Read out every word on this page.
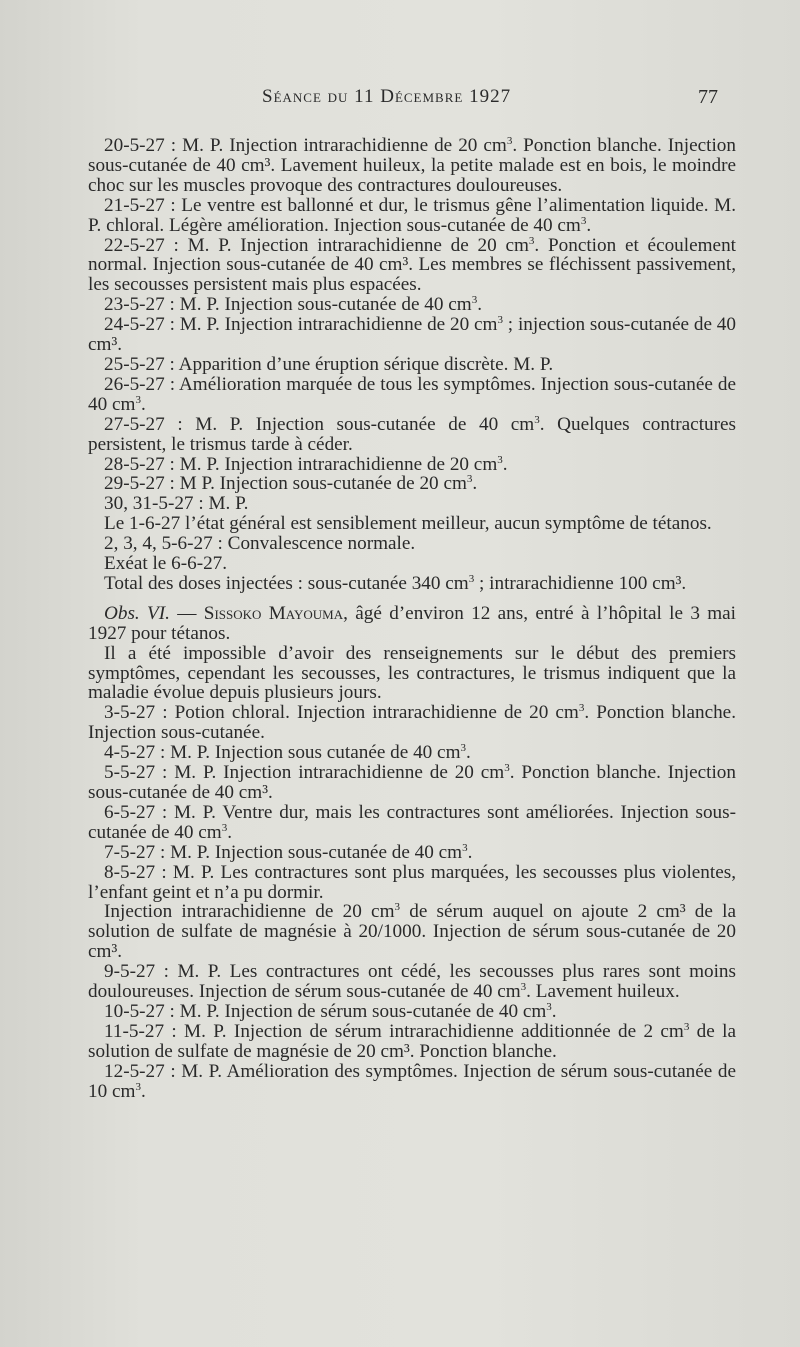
Séance du 11 Décembre 1927	77

20-5-27 : M. P. Injection intrarachidienne de 20 $cm^3$. Ponction blanche. Injection sous-cutanée de 40 cm³. Lavement huileux, la petite malade est en bois, le moindre choc sur les muscles provoque des contractures douloureuses.

21-5-27 : Le ventre est ballonné et dur, le trismus gêne l’alimentation liquide. M. P. chloral. Légère amélioration. Injection sous-cutanée de 40 $cm^3$.

22-5-27 : M. P. Injection intrarachidienne de 20 $cm^3$. Ponction et écoulement normal. Injection sous-cutanée de 40 cm³. Les membres se fléchissent passivement, les secousses persistent mais plus espacées.

23-5-27 : M. P. Injection sous-cutanée de 40 $cm^3$.

24-5-27 : M. P. Injection intrarachidienne de 20 $cm^3$ ; injection sous-cutanée de 40 cm³.

25-5-27 : Apparition d’une éruption sérique discrète. M. P.

26-5-27 : Amélioration marquée de tous les symptômes. Injection sous-cutanée de 40 $cm^3$.

27-5-27 : M. P. Injection sous-cutanée de 40 $cm^3$. Quelques contractures persistent, le trismus tarde à céder.

28-5-27 : M. P. Injection intrarachidienne de 20 $cm^3$.

29-5-27 : M P. Injection sous-cutanée de 20 $cm^3$.

30, 31-5-27 : M. P.

Le 1-6-27 l’état général est sensiblement meilleur, aucun symptôme de tétanos.

2, 3, 4, 5-6-27 : Convalescence normale.

Exéat le 6-6-27.

Total des doses injectées : sous-cutanée 340 $cm^3$ ; intrarachidienne 100 cm³.

Obs. VI. — Sissoko Mayouma, âgé d’environ 12 ans, entré à l’hôpital le 3 mai 1927 pour tétanos.

Il a été impossible d’avoir des renseignements sur le début des premiers symptômes, cependant les secousses, les contractures, le trismus indiquent que la maladie évolue depuis plusieurs jours.

3-5-27 : Potion chloral. Injection intrarachidienne de 20 $cm^3$. Ponction blanche. Injection sous-cutanée.

4-5-27 : M. P. Injection sous cutanée de 40 $cm^3$.

5-5-27 : M. P. Injection intrarachidienne de 20 $cm^3$. Ponction blanche. Injection sous-cutanée de 40 cm³.

6-5-27 : M. P. Ventre dur, mais les contractures sont améliorées. Injection sous-cutanée de 40 $cm^3$.

7-5-27 : M. P. Injection sous-cutanée de 40 $cm^3$.

8-5-27 : M. P. Les contractures sont plus marquées, les secousses plus violentes, l’enfant geint et n’a pu dormir.

Injection intrarachidienne de 20 $cm^3$ de sérum auquel on ajoute 2 cm³ de la solution de sulfate de magnésie à 20/1000. Injection de sérum sous-cutanée de 20 cm³.

9-5-27 : M. P. Les contractures ont cédé, les secousses plus rares sont moins douloureuses. Injection de sérum sous-cutanée de 40 $cm^3$. Lavement huileux.

10-5-27 : M. P. Injection de sérum sous-cutanée de 40 $cm^3$.

11-5-27 : M. P. Injection de sérum intrarachidienne additionnée de 2 $cm^3$ de la solution de sulfate de magnésie de 20 cm³. Ponction blanche.

12-5-27 : M. P. Amélioration des symptômes. Injection de sérum sous-cutanée de 10 $cm^3$.
